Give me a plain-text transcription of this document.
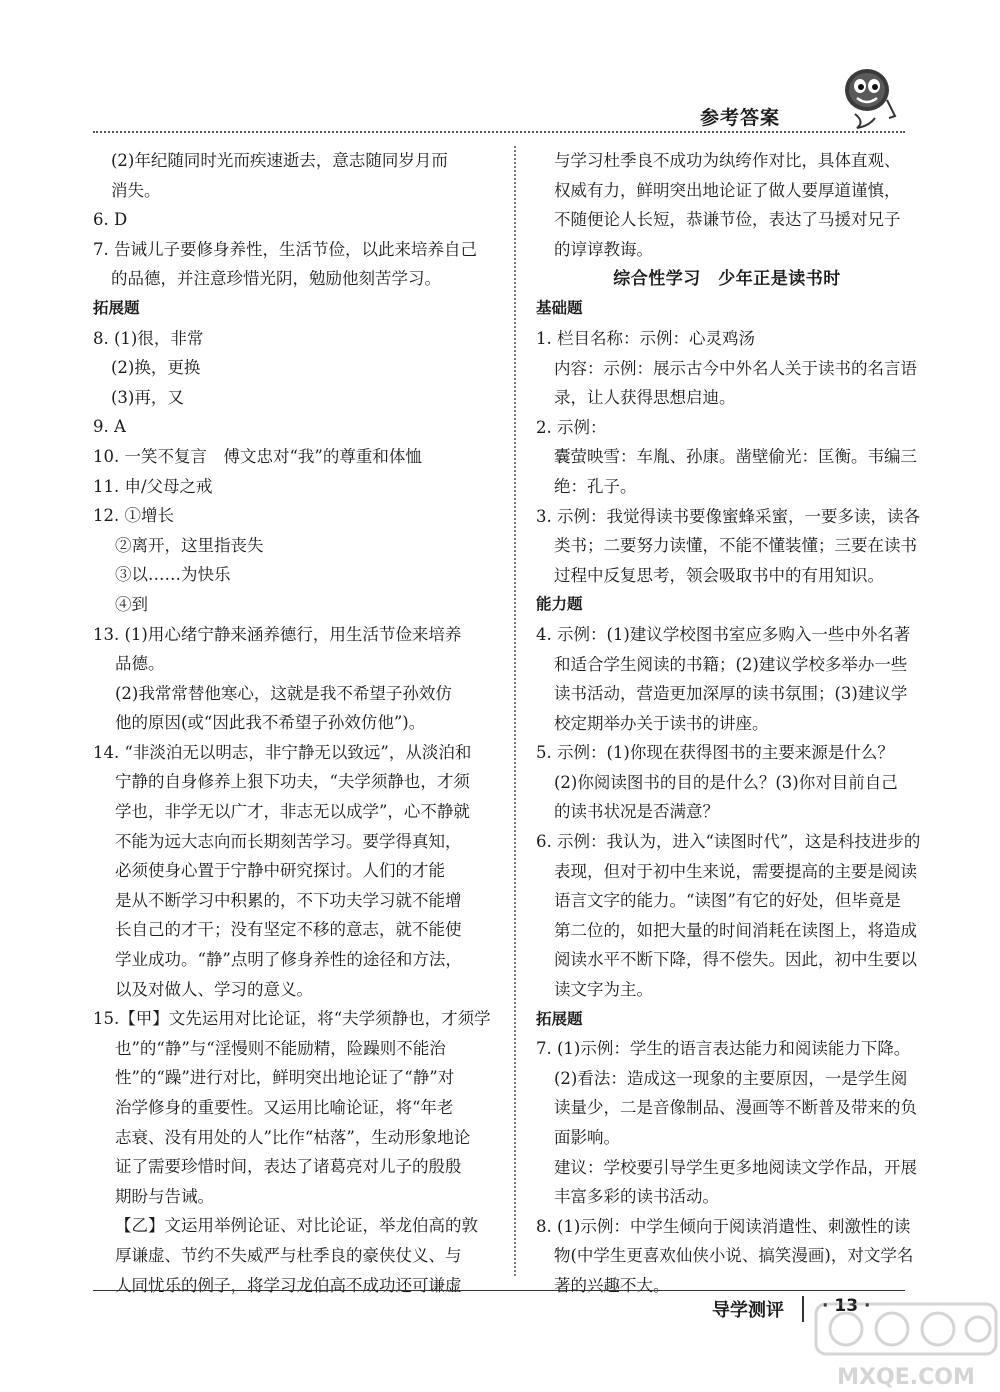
参考答案
(2)年纪随同时光而疾速逝去，意志随同岁月而
消失。
6. D
7. 告诫儿子要修身养性，生活节俭，以此来培养自己
的品德，并注意珍惜光阴，勉励他刻苦学习。
拓展题
8. (1)很，非常
(2)换，更换
(3)再，又
9. A
10. 一笑不复言　傅文忠对“我”的尊重和体恤
11. 申/父母之戒
12. ①增长
②离开，这里指丧失
③以……为快乐
④到
13. (1)用心绪宁静来涵养德行，用生活节俭来培养
品德。
(2)我常常替他寒心，这就是我不希望子孙效仿
他的原因(或“因此我不希望子孙效仿他”)。
14. “非淡泊无以明志，非宁静无以致远”，从淡泊和
宁静的自身修养上狠下功夫，“夫学须静也，才须
学也，非学无以广才，非志无以成学”，心不静就
不能为远大志向而长期刻苦学习。要学得真知，
必须使身心置于宁静中研究探讨。人们的才能
是从不断学习中积累的，不下功夫学习就不能增
长自己的才干；没有坚定不移的意志，就不能使
学业成功。“静”点明了修身养性的途径和方法，
以及对做人、学习的意义。
15.【甲】文先运用对比论证，将“夫学须静也，才须学
也”的“静”与“淫慢则不能励精，险躁则不能治
性”的“躁”进行对比，鲜明突出地论证了“静”对
治学修身的重要性。又运用比喻论证，将“年老
志衰、没有用处的人”比作“枯落”，生动形象地论
证了需要珍惜时间，表达了诸葛亮对儿子的殷殷
期盼与告诫。
【乙】文运用举例论证、对比论证，举龙伯高的敦
厚谦虚、节约不失威严与杜季良的豪侠仗义、与
人同忧乐的例子，将学习龙伯高不成功还可谦虚
与学习杜季良不成功为纨绔作对比，具体直观、
权威有力，鲜明突出地论证了做人要厚道谨慎，
不随便论人长短，恭谦节俭，表达了马援对兄子
的谆谆教诲。
综合性学习　少年正是读书时
基础题
1. 栏目名称：示例：心灵鸡汤
内容：示例：展示古今中外名人关于读书的名言语
录，让人获得思想启迪。
2. 示例：
囊萤映雪：车胤、孙康。凿壁偷光：匡衡。韦编三
绝：孔子。
3. 示例：我觉得读书要像蜜蜂采蜜，一要多读，读各
类书；二要努力读懂，不能不懂装懂；三要在读书
过程中反复思考，领会吸取书中的有用知识。
能力题
4. 示例：(1)建议学校图书室应多购入一些中外名著
和适合学生阅读的书籍；(2)建议学校多举办一些
读书活动，营造更加深厚的读书氛围；(3)建议学
校定期举办关于读书的讲座。
5. 示例：(1)你现在获得图书的主要来源是什么？
(2)你阅读图书的目的是什么？(3)你对目前自己
的读书状况是否满意？
6. 示例：我认为，进入“读图时代”，这是科技进步的
表现，但对于初中生来说，需要提高的主要是阅读
语言文字的能力。“读图”有它的好处，但毕竟是
第二位的，如把大量的时间消耗在读图上，将造成
阅读水平不断下降，得不偿失。因此，初中生要以
读文字为主。
拓展题
7. (1)示例：学生的语言表达能力和阅读能力下降。
(2)看法：造成这一现象的主要原因，一是学生阅
读量少，二是音像制品、漫画等不断普及带来的负
面影响。
建议：学校要引导学生更多地阅读文学作品，开展
丰富多彩的读书活动。
8. (1)示例：中学生倾向于阅读消遣性、刺激性的读
物(中学生更喜欢仙侠小说、搞笑漫画)，对文学名
著的兴趣不大。
导学测评	· 13 ·
MXQE.COM
